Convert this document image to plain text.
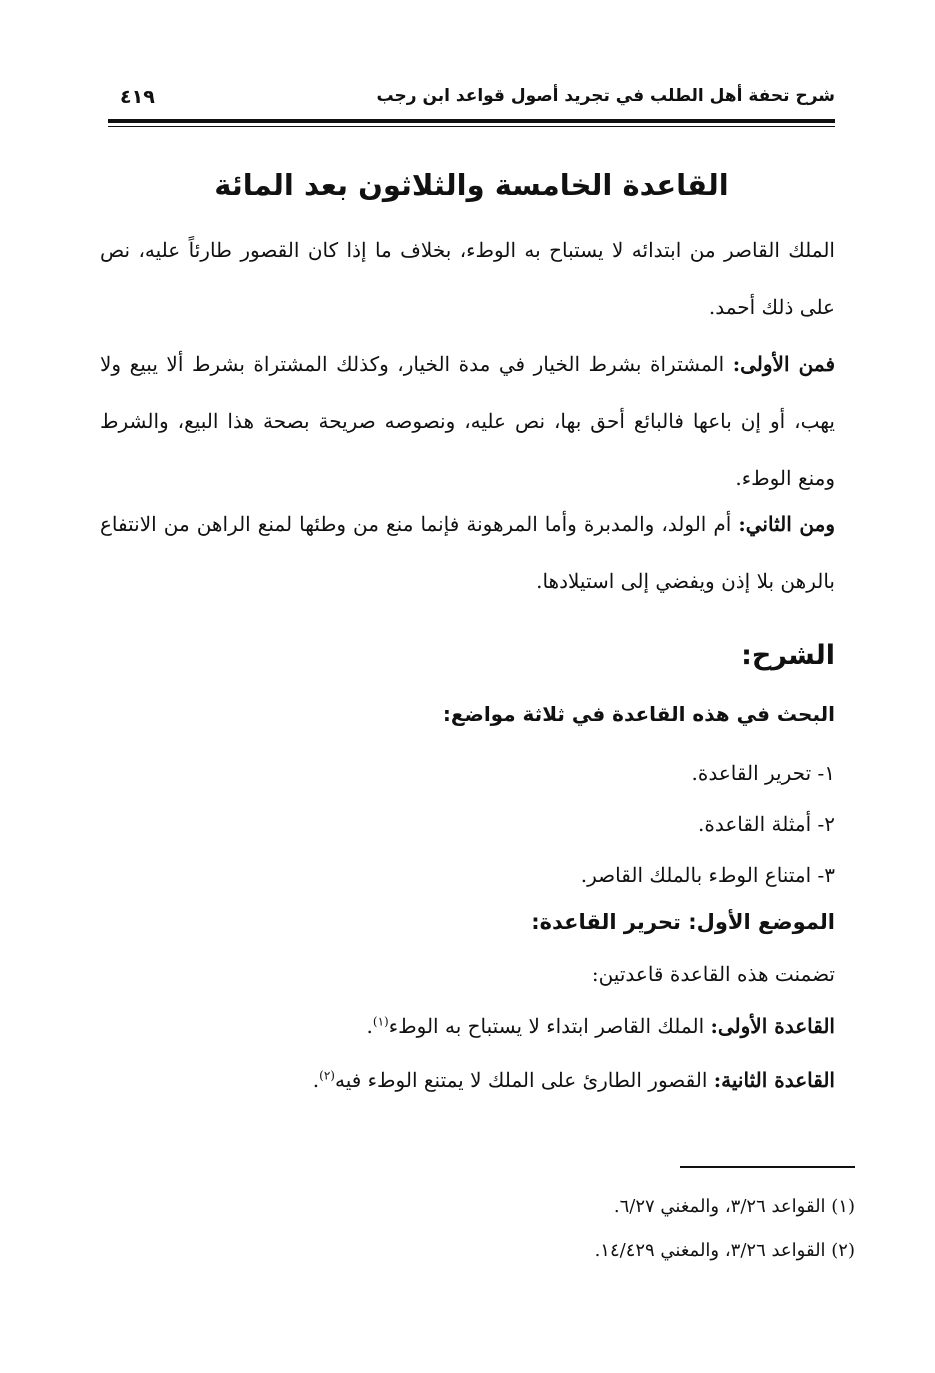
شرح تحفة أهل الطلب في تجريد أصول قواعد ابن رجب
٤١٩
القاعدة الخامسة والثلاثون بعد المائة

الملك القاصر من ابتدائه لا يستباح به الوطء، بخلاف ما إذا كان القصور طارئاً عليه، نص على ذلك أحمد.

فمن الأولى: المشتراة بشرط الخيار في مدة الخيار، وكذلك المشتراة بشرط ألا يبيع ولا يهب، أو إن باعها فالبائع أحق بها، نص عليه، ونصوصه صريحة بصحة هذا البيع، والشرط ومنع الوطء.

ومن الثاني: أم الولد، والمدبرة وأما المرهونة فإنما منع من وطئها لمنع الراهن من الانتفاع بالرهن بلا إذن ويفضي إلى استيلادها.

الشرح:
البحث في هذه القاعدة في ثلاثة مواضع:
١- تحرير القاعدة.
٢- أمثلة القاعدة.
٣- امتناع الوطء بالملك القاصر.
الموضع الأول: تحرير القاعدة:
تضمنت هذه القاعدة قاعدتين:
القاعدة الأولى: الملك القاصر ابتداء لا يستباح به الوطء$^{(١)}$.
القاعدة الثانية: القصور الطارئ على الملك لا يمتنع الوطء فيه$^{(٢)}$.
(١) القواعد ٣/٢٦، والمغني ٦/٢٧.
(٢) القواعد ٣/٢٦، والمغني ١٤/٤٢٩.
